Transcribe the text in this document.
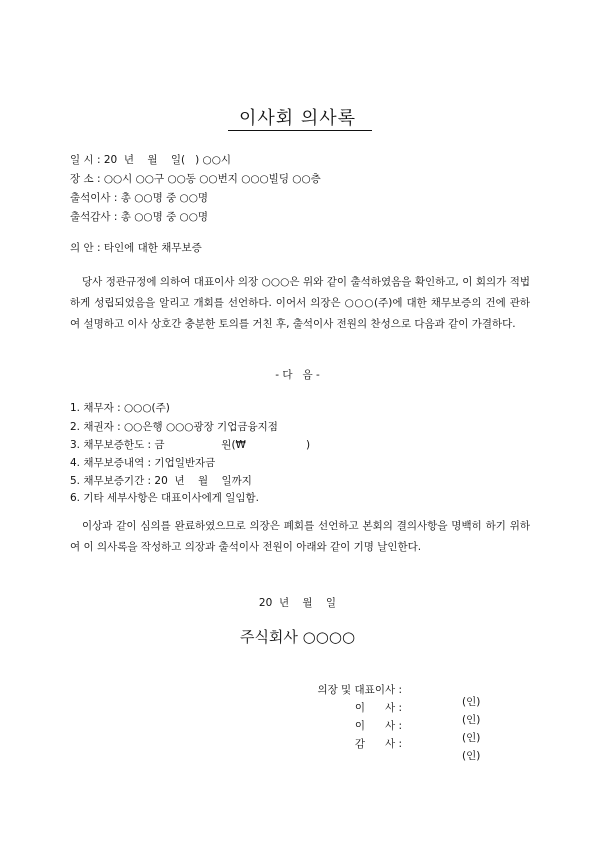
이사회 의사록
일 시 : 20  년    월    일(   ) ○○시
장 소 : ○○시 ○○구 ○○동 ○○번지 ○○○빌딩 ○○층
출석이사 : 총 ○○명 중 ○○명
출석감사 : 총 ○○명 중 ○○명
의 안 : 타인에 대한 채무보증
당사 정관규정에 의하여 대표이사 의장 ○○○은 위와 같이 출석하였음을 확인하고, 이 회의가 적법하게 성립되었음을 알리고 개회를 선언하다. 이어서 의장은 ○○○(주)에 대한 채무보증의 건에 관하여 설명하고 이사 상호간 충분한 토의를 거친 후, 출석이사 전원의 찬성으로 다음과 같이 가결하다.
- 다   음 -
1. 채무자 : ○○○(주)
2. 채권자 : ○○은행 ○○○광장 기업금융지점
3. 채무보증한도 : 금                 원(₩                  )
4. 채무보증내역 : 기업일반자금
5. 채무보증기간 : 20  년    월    일까지
6. 기타 세부사항은 대표이사에게 일임함.
이상과 같이 심의를 완료하였으므로 의장은 폐회를 선언하고 본회의 결의사항을 명백히 하기 위하여 이 의사록을 작성하고 의장과 출석이사 전원이 아래와 같이 기명 날인한다.
20  년    월    일
주식회사 ○○○○

의장 및 대표이사 :

(인)

이      사 :

(인)

이      사 :

(인)

감      사 :

(인)
